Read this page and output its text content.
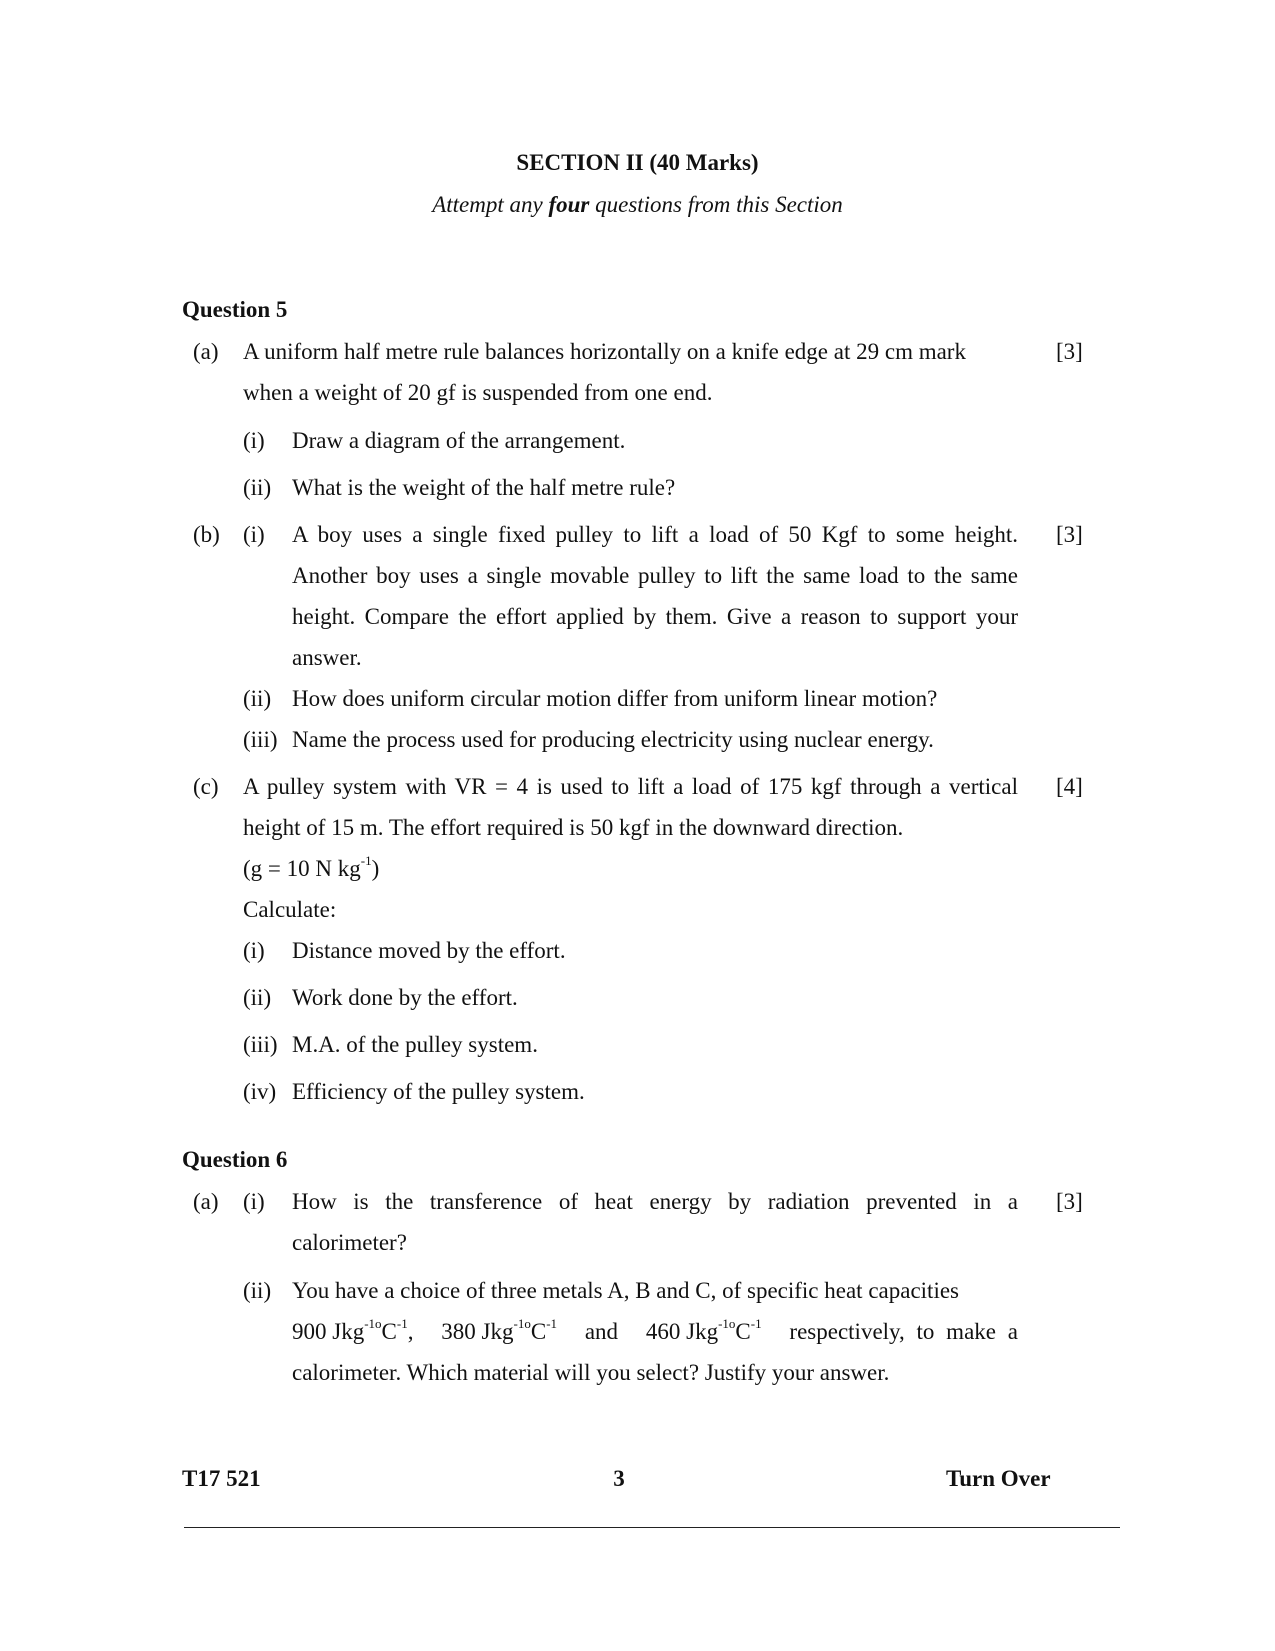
SECTION II (40 Marks)
Attempt any four questions from this Section
Question 5
(a) A uniform half metre rule balances horizontally on a knife edge at 29 cm mark	[3]
when a weight of 20 gf is suspended from one end.
(i) Draw a diagram of the arrangement.
(ii) What is the weight of the half metre rule?
(b) (i) A boy uses a single fixed pulley to lift a load of 50 Kgf to some height. [3]
Another boy uses a single movable pulley to lift the same load to the same
height. Compare the effort applied by them. Give a reason to support your
answer.
(ii) How does uniform circular motion differ from uniform linear motion?
(iii) Name the process used for producing electricity using nuclear energy.
(c) A pulley system with VR = 4 is used to lift a load of 175 kgf through a vertical [4]
height of 15 m. The effort required is 50 kgf in the downward direction.
(g = 10 N $kg^{-1}$)
Calculate:
(i) Distance moved by the effort.
(ii) Work done by the effort.
(iii) M.A. of the pulley system.
(iv) Efficiency of the pulley system.
Question 6
(a) (i) How is the transference of heat energy by radiation prevented in a [3]
calorimeter?
(ii) You have a choice of three metals A, B and C, of specific heat capacities
900 $Jkg^{-1o}C^{-1}$, 380 $Jkg^{-1o}C^{-1}$ and 460 $Jkg^{-1o}C^{-1}$ respectively, to make a
calorimeter. Which material will you select? Justify your answer.
T17 521	3	Turn Over
